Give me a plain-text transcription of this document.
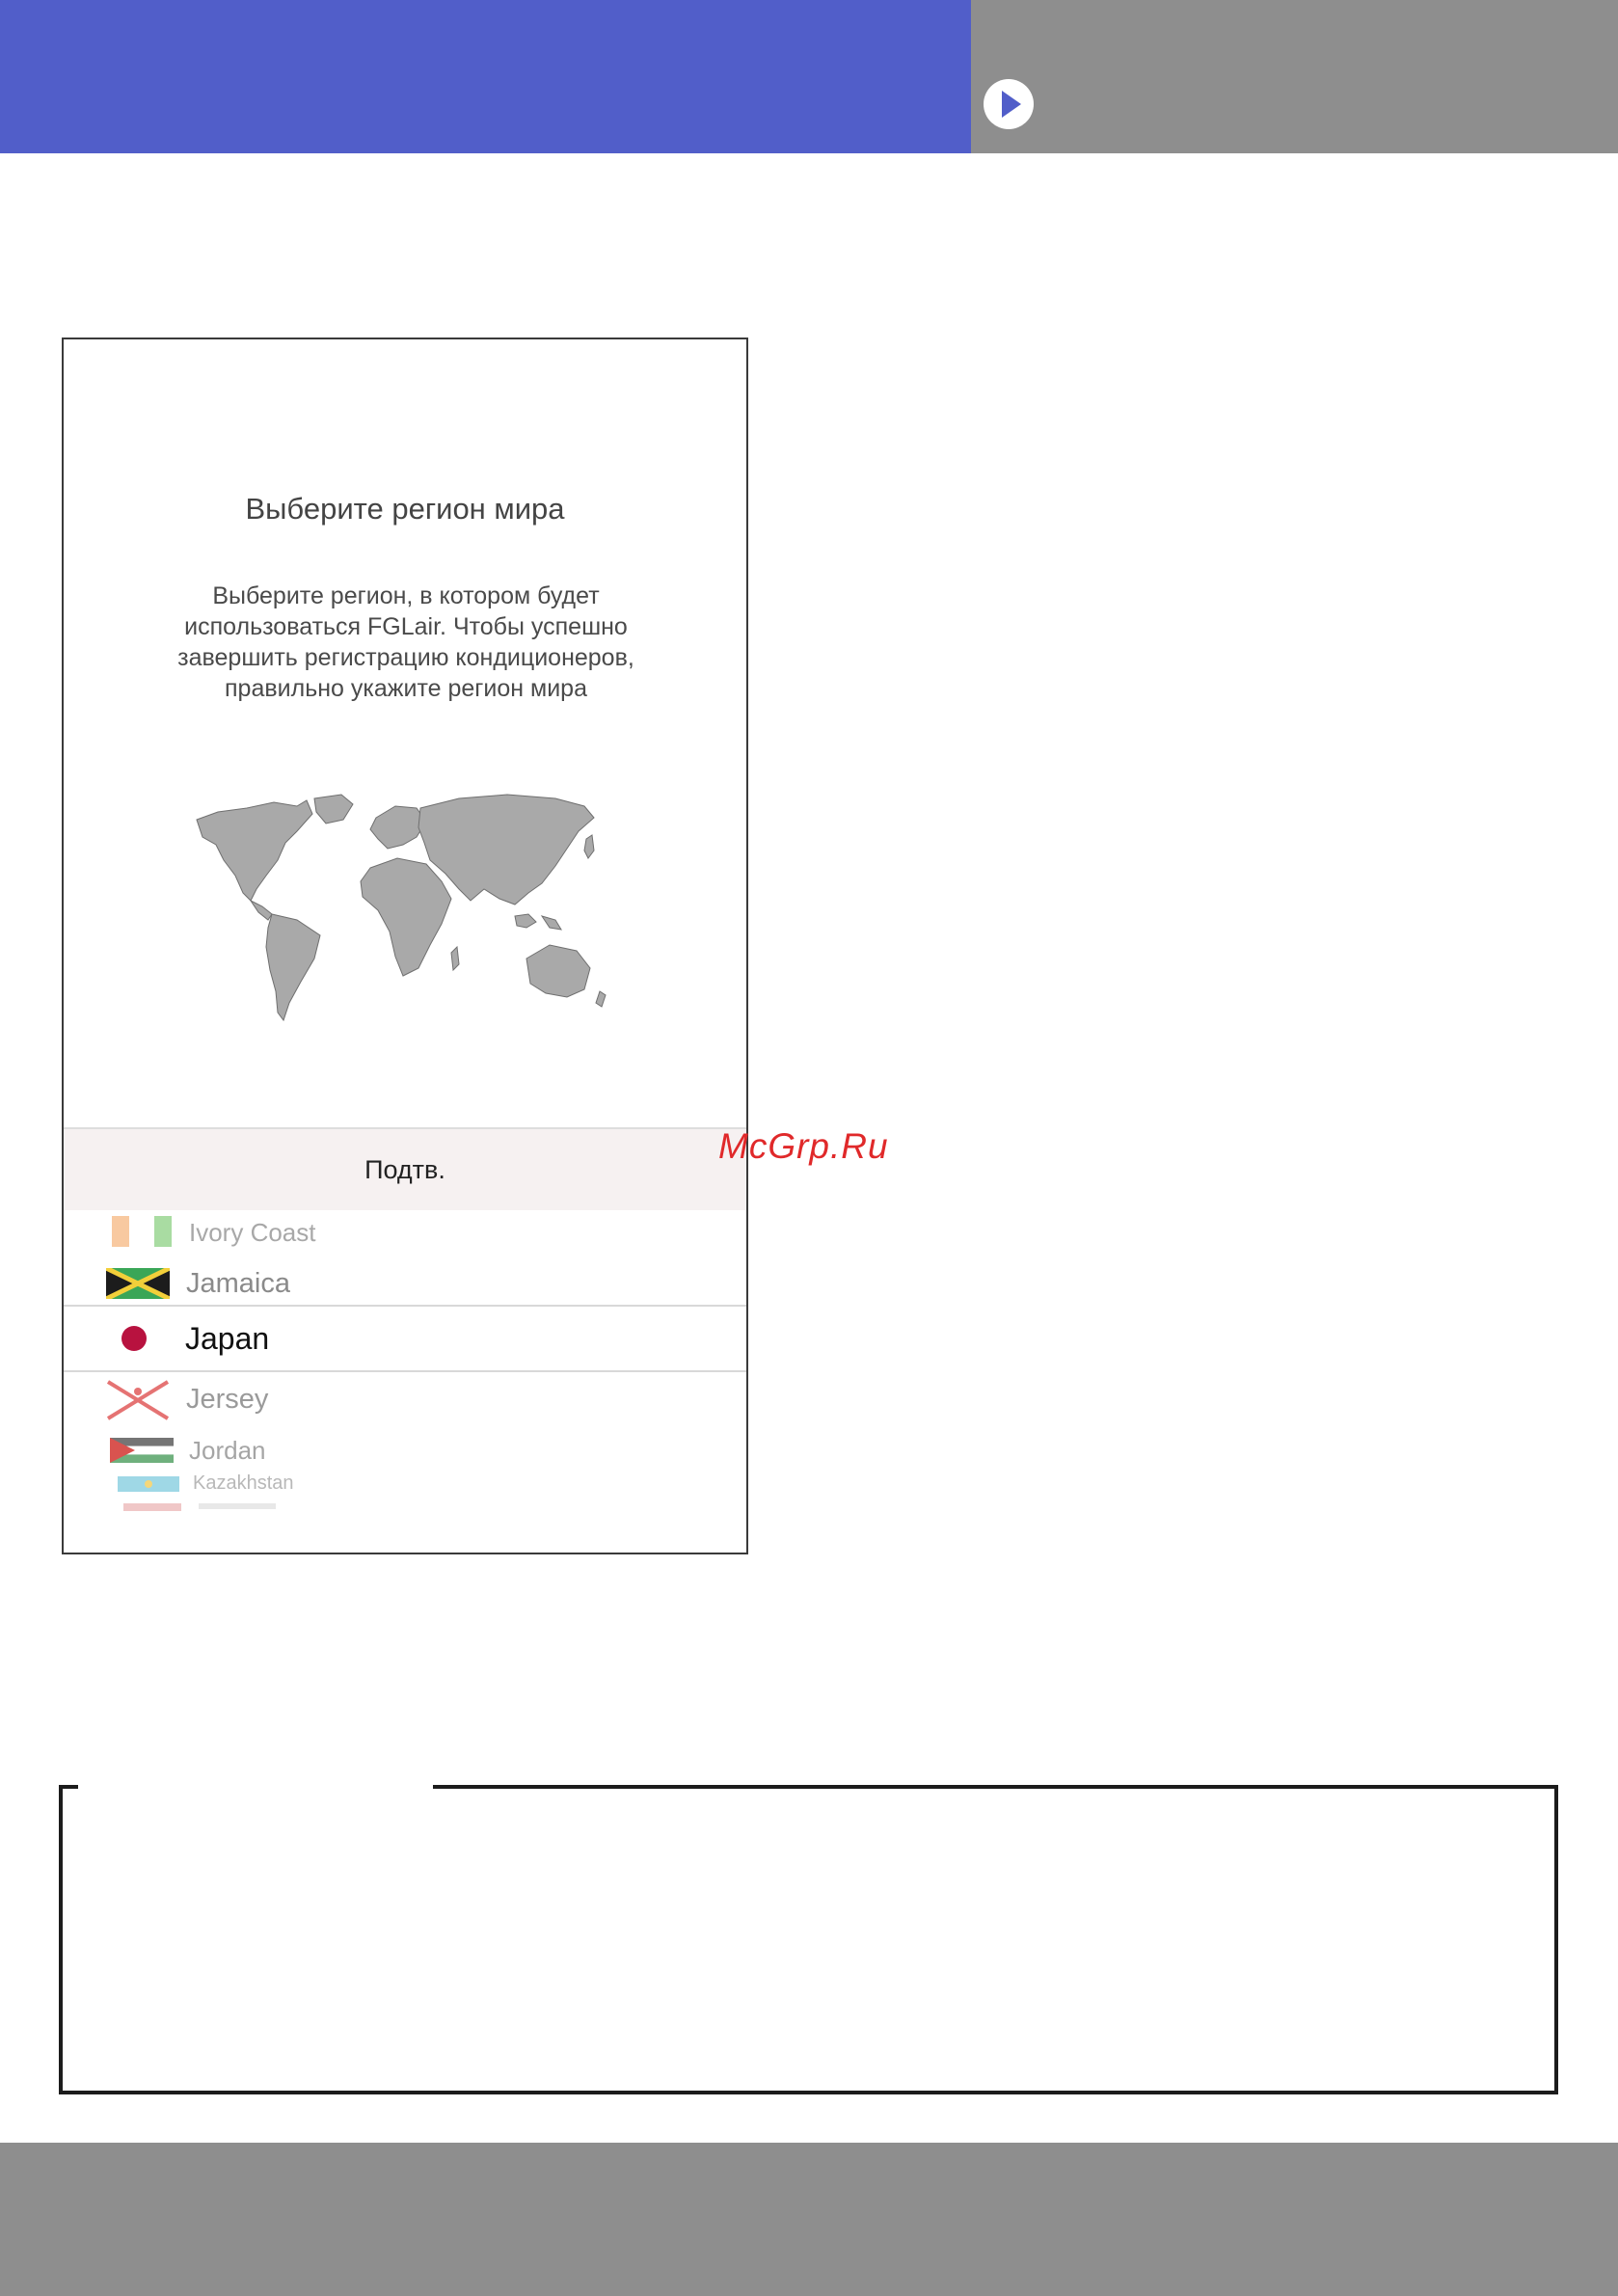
Выберите регион мира
Выберите регион, в котором будет использоваться FGLair. Чтобы успешно завершить регистрацию кондиционеров, правильно укажите регион мира
Подтв.
Ivory Coast
Jamaica
Japan
Jersey
Jordan
Kazakhstan
McGrp.Ru
